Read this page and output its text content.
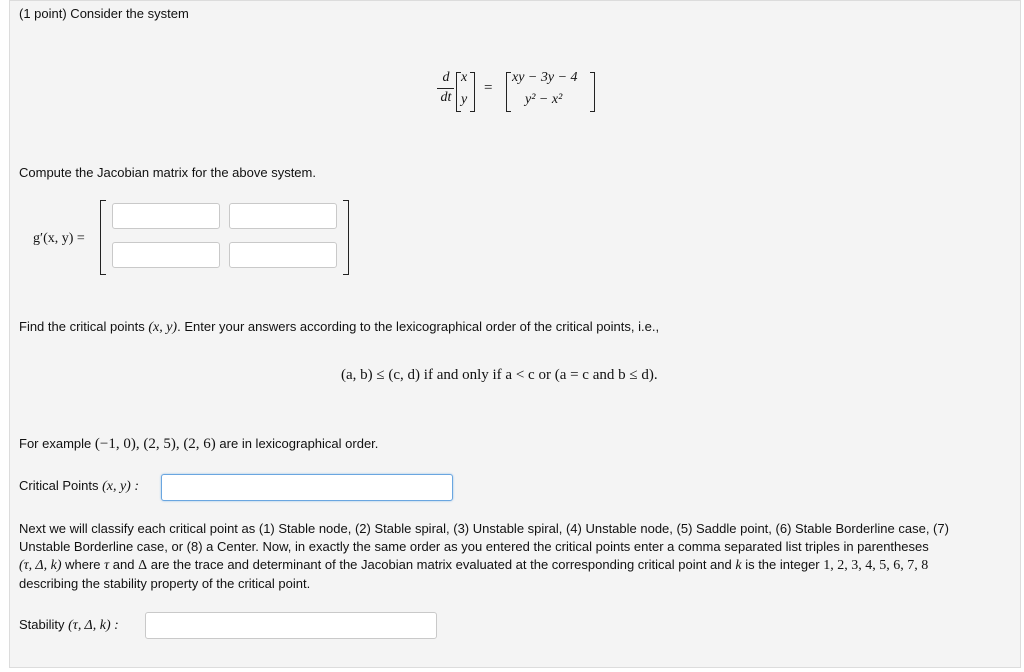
(1 point) Consider the system
d
dt
x
y
=
xy − 3y − 4
y² − x²
Compute the Jacobian matrix for the above system.
g′(x, y) =
Find the critical points (x, y). Enter your answers according to the lexicographical order of the critical points, i.e.,
(a, b) ≤ (c, d) if and only if a < c or (a = c and b ≤ d).
For example (−1, 0), (2, 5), (2, 6) are in lexicographical order.
Critical Points (x, y) :
Next we will classify each critical point as (1) Stable node, (2) Stable spiral, (3) Unstable spiral, (4) Unstable node, (5) Saddle point, (6) Stable Borderline case, (7)
Unstable Borderline case, or (8) a Center. Now, in exactly the same order as you entered the critical points enter a comma separated list triples in parentheses
(τ, Δ, k) where τ and Δ are the trace and determinant of the Jacobian matrix evaluated at the corresponding critical point and k is the integer 1, 2, 3, 4, 5, 6, 7, 8
describing the stability property of the critical point.
Stability (τ, Δ, k) :
